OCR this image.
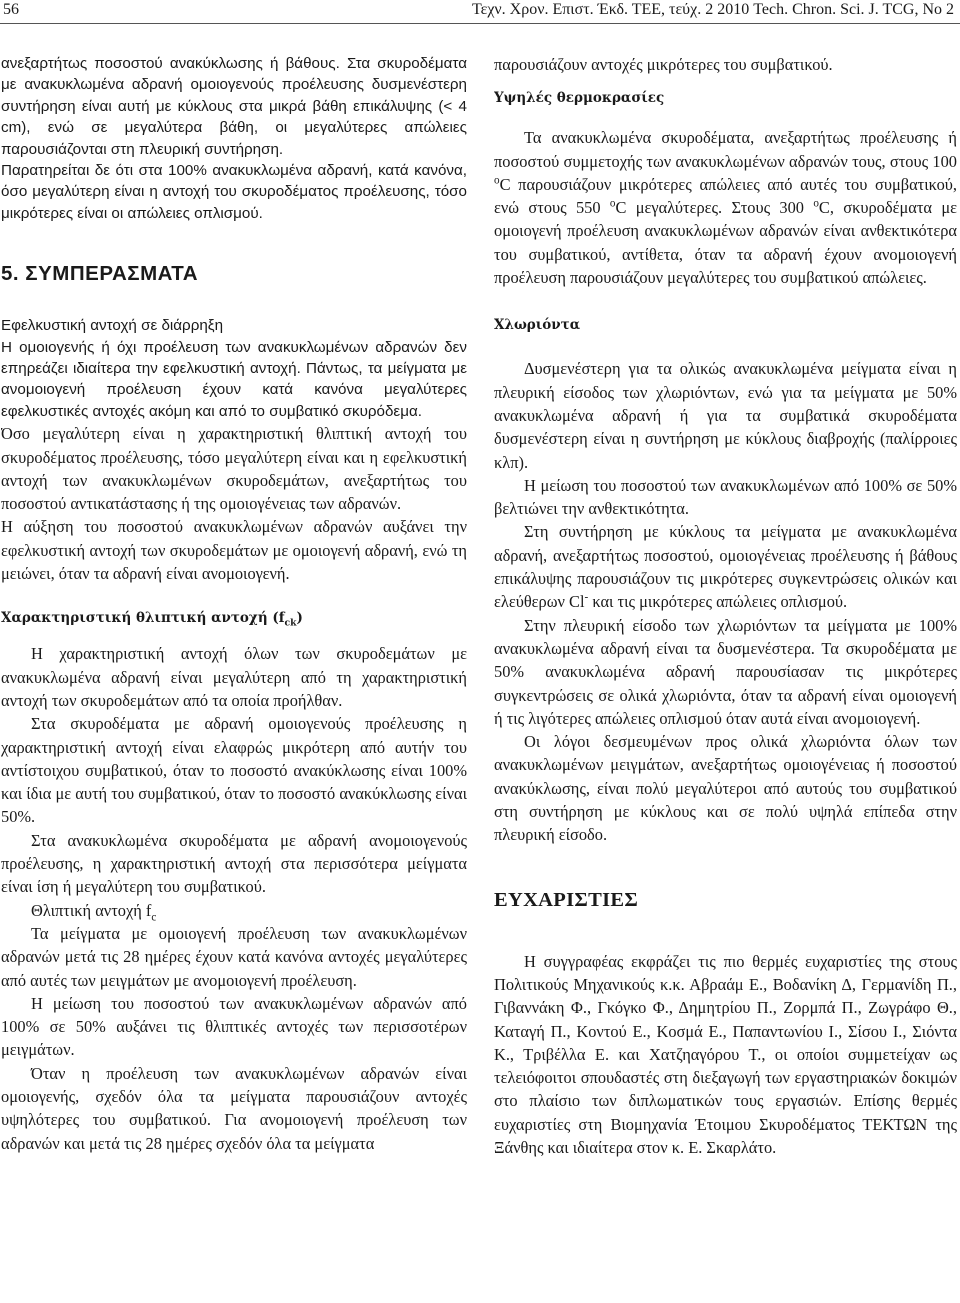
56	Τεχν. Χρον. Επιστ. Έκδ. ΤΕΕ, τεύχ. 2 2010 Tech. Chron. Sci. J. TCG, No 2

ανεξαρτήτως ποσοστού ανακύκλωσης ή βάθους. Στα σκυροδέματα με ανακυκλωμένα αδρανή ομοιογενούς προέλευσης δυσμενέστερη συντήρηση είναι αυτή με κύκλους στα μικρά βάθη επικάλυψης (< 4 cm), ενώ σε μεγαλύτερα βάθη, οι μεγαλύτερες απώλειες παρουσιάζονται στη πλευρική συντήρηση.

Παρατηρείται δε ότι στα 100% ανακυκλωμένα αδρανή, κατά κανόνα, όσο μεγαλύτερη είναι η αντοχή του σκυροδέματος προέλευσης, τόσο μικρότερες είναι οι απώλειες οπλισμού.

5. ΣΥΜΠΕΡΑΣΜΑΤΑ

Εφελκυστική αντοχή σε διάρρηξη

Η ομοιογενής ή όχι προέλευση των ανακυκλωμένων αδρανών δεν επηρεάζει ιδιαίτερα την εφελκυστική αντοχή. Πάντως, τα μείγματα με ανομοιογενή προέλευση έχουν κατά κανόνα μεγαλύτερες εφελκυστικές αντοχές ακόμη και από το συμβατικό σκυρόδεμα.

Όσο μεγαλύτερη είναι η χαρακτηριστική θλιπτική αντοχή του σκυροδέματος προέλευσης, τόσο μεγαλύτερη είναι και η εφελκυστική αντοχή των ανακυκλωμένων σκυροδεμάτων, ανεξαρτήτως του ποσοστού αντικατάστασης ή της ομοιογένειας των αδρανών.

Η αύξηση του ποσοστού ανακυκλωμένων αδρανών αυξάνει την εφελκυστική αντοχή των σκυροδεμάτων με ομοιογενή αδρανή, ενώ τη μειώνει, όταν τα αδρανή είναι ανομοιογενή.

Χαρακτηριστική θλιπτική αντοχή $(f_{ck})$

Η χαρακτηριστική αντοχή όλων των σκυροδεμάτων με ανακυκλωμένα αδρανή είναι μεγαλύτερη από τη χαρακτηριστική αντοχή των σκυροδεμάτων από τα οποία προήλθαν.

Στα σκυροδέματα με αδρανή ομοιογενούς προέλευσης η χαρακτηριστική αντοχή είναι ελαφρώς μικρότερη από αυτήν του αντίστοιχου συμβατικού, όταν το ποσοστό ανακύκλωσης είναι 100% και ίδια με αυτή του συμβατικού, όταν το ποσοστό ανακύκλωσης είναι 50%.

Στα ανακυκλωμένα σκυροδέματα με αδρανή ανομοιογενούς προέλευσης, η χαρακτηριστική αντοχή στα περισσότερα μείγματα είναι ίση ή μεγαλύτερη του συμβατικού.

Θλιπτική αντοχή $f_c$

Τα μείγματα με ομοιογενή προέλευση των ανακυκλωμένων αδρανών μετά τις 28 ημέρες έχουν κατά κανόνα αντοχές μεγαλύτερες από αυτές των μειγμάτων με ανομοιογενή προέλευση.

Η μείωση του ποσοστού των ανακυκλωμένων αδρανών από 100% σε 50% αυξάνει τις θλιπτικές αντοχές των περισσοτέρων μειγμάτων.

Όταν η προέλευση των ανακυκλωμένων αδρανών είναι ομοιογενής, σχεδόν όλα τα μείγματα παρουσιάζουν αντοχές υψηλότερες του συμβατικού. Για ανομοιογενή προέλευση των αδρανών και μετά τις 28 ημέρες σχεδόν όλα τα μείγματα

παρουσιάζουν αντοχές μικρότερες του συμβατικού.

Υψηλές θερμοκρασίες

Τα ανακυκλωμένα σκυροδέματα, ανεξαρτήτως προέλευσης ή ποσοστού συμμετοχής των ανακυκλωμένων αδρανών τους, στους 100 $^o$C παρουσιάζουν μικρότερες απώλειες από αυτές του συμβατικού, ενώ στους 550 $^o$C μεγαλύτερες. Στους 300 $^o$C, σκυροδέματα με ομοιογενή προέλευση ανακυκλωμένων αδρανών είναι ανθεκτικότερα του συμβατικού, αντίθετα, όταν τα αδρανή έχουν ανομοιογενή προέλευση παρουσιάζουν μεγαλύτερες του συμβατικού απώλειες.

Χλωριόντα

Δυσμενέστερη για τα ολικώς ανακυκλωμένα μείγματα είναι η πλευρική είσοδος των χλωριόντων, ενώ για τα μείγματα με 50% ανακυκλωμένα αδρανή ή για τα συμβατικά σκυροδέματα δυσμενέστερη είναι η συντήρηση με κύκλους διαβροχής (παλίρροιες κλπ).

Η μείωση του ποσοστού των ανακυκλωμένων από 100% σε 50% βελτιώνει την ανθεκτικότητα.

Στη συντήρηση με κύκλους τα μείγματα με ανακυκλωμένα αδρανή, ανεξαρτήτως ποσοστού, ομοιογένειας προέλευσης ή βάθους επικάλυψης παρουσιάζουν τις μικρότερες συγκεντρώσεις ολικών και ελεύθερων Cl- και τις μικρότερες απώλειες οπλισμού.

Στην πλευρική είσοδο των χλωριόντων τα μείγματα με 100% ανακυκλωμένα αδρανή είναι τα δυσμενέστερα. Τα σκυροδέματα με 50% ανακυκλωμένα αδρανή παρουσίασαν τις μικρότερες συγκεντρώσεις σε ολικά χλωριόντα, όταν τα αδρανή είναι ομοιογενή ή τις λιγότερες απώλειες οπλισμού όταν αυτά είναι ανομοιογενή.

Οι λόγοι δεσμευμένων προς ολικά χλωριόντα όλων των ανακυκλωμένων μειγμάτων, ανεξαρτήτως ομοιογένειας ή ποσοστού ανακύκλωσης, είναι πολύ μεγαλύτεροι από αυτούς του συμβατικού στη συντήρηση με κύκλους και σε πολύ υψηλά επίπεδα στην πλευρική είσοδο.

ΕΥΧΑΡΙΣΤΙΕΣ

Η συγγραφέας εκφράζει τις πιο θερμές ευχαριστίες της στους Πολιτικούς Μηχανικούς κ.κ. Αβραάμ Ε., Βοδανίκη Δ, Γερμανίδη Π., Γιβαννάκη Φ., Γκόγκο Φ., Δημητρίου Π., Ζορμπά Π., Ζωγράφο Θ., Καταγή Π., Κοντού Ε., Κοσμά Ε., Παπαντωνίου Ι., Σίσου Ι., Σιόντα Κ., Τριβέλλα Ε. και Χατζηαγόρου Τ., οι οποίοι συμμετείχαν ως τελειόφοιτοι σπουδαστές στη διεξαγωγή των εργαστηριακών δοκιμών στο πλαίσιο των διπλωματικών τους εργασιών. Επίσης θερμές ευχαριστίες στη Βιομηχανία Έτοιμου Σκυροδέματος ΤΕΚΤΩΝ της Ξάνθης και ιδιαίτερα στον κ. Ε. Σκαρλάτο.
